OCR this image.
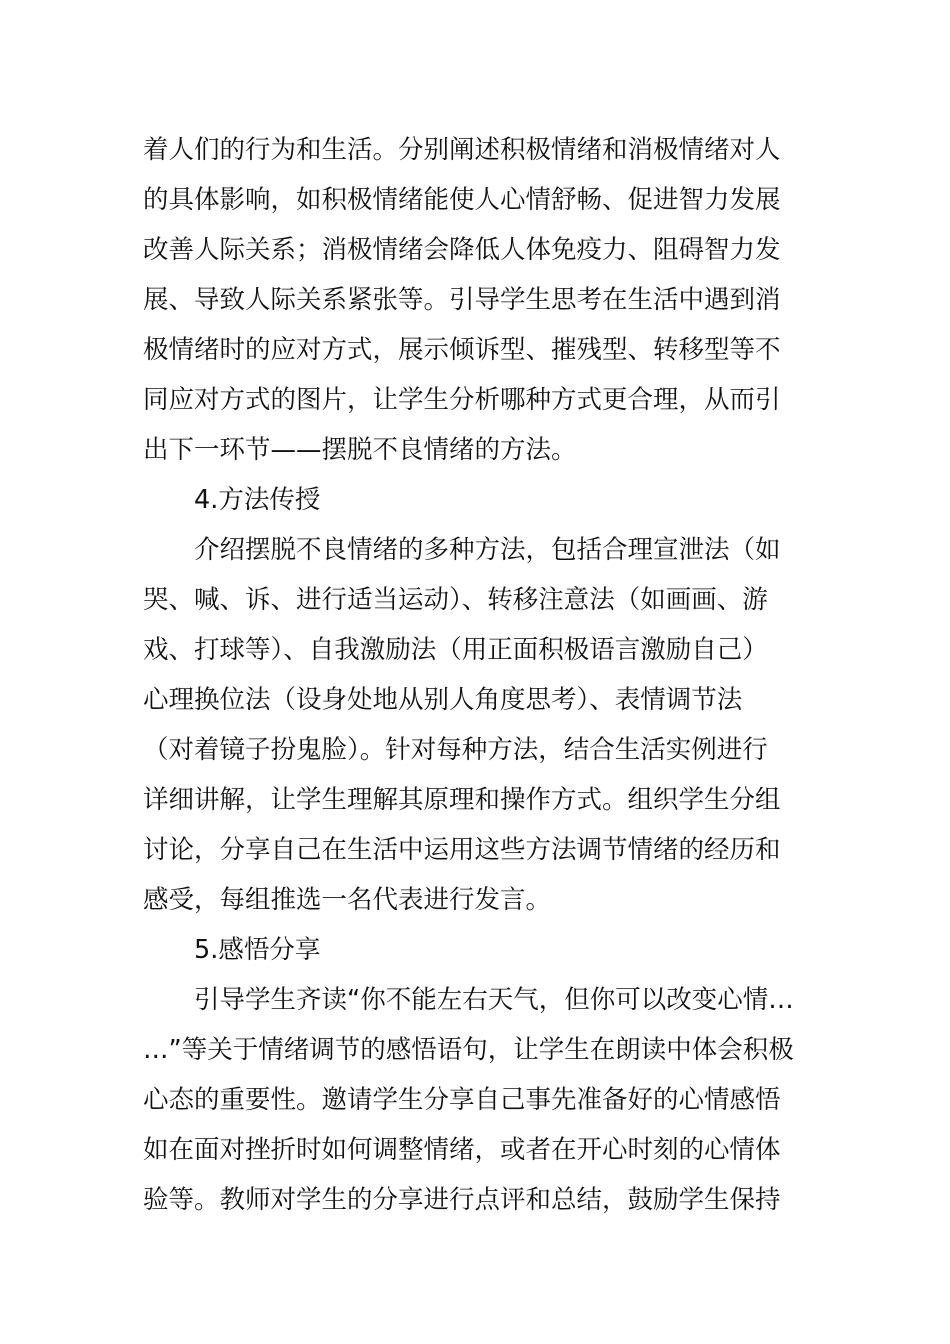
着人们的行为和生活。分别阐述积极情绪和消极情绪对人
的具体影响，如积极情绪能使人心情舒畅、促进智力发展
改善人际关系；消极情绪会降低人体免疫力、阻碍智力发
展、导致人际关系紧张等。引导学生思考在生活中遇到消
极情绪时的应对方式，展示倾诉型、摧残型、转移型等不
同应对方式的图片，让学生分析哪种方式更合理，从而引
出下一环节——摆脱不良情绪的方法。
4.方法传授
介绍摆脱不良情绪的多种方法，包括合理宣泄法（如
哭、喊、诉、进行适当运动）、转移注意法（如画画、游
戏、打球等）、自我激励法（用正面积极语言激励自己）
心理换位法（设身处地从别人角度思考）、表情调节法
（对着镜子扮鬼脸）。针对每种方法，结合生活实例进行
详细讲解，让学生理解其原理和操作方式。组织学生分组
讨论，分享自己在生活中运用这些方法调节情绪的经历和
感受，每组推选一名代表进行发言。
5.感悟分享
引导学生齐读“你不能左右天气，但你可以改变心情…
…”等关于情绪调节的感悟语句，让学生在朗读中体会积极
心态的重要性。邀请学生分享自己事先准备好的心情感悟
如在面对挫折时如何调整情绪，或者在开心时刻的心情体
验等。教师对学生的分享进行点评和总结，鼓励学生保持
